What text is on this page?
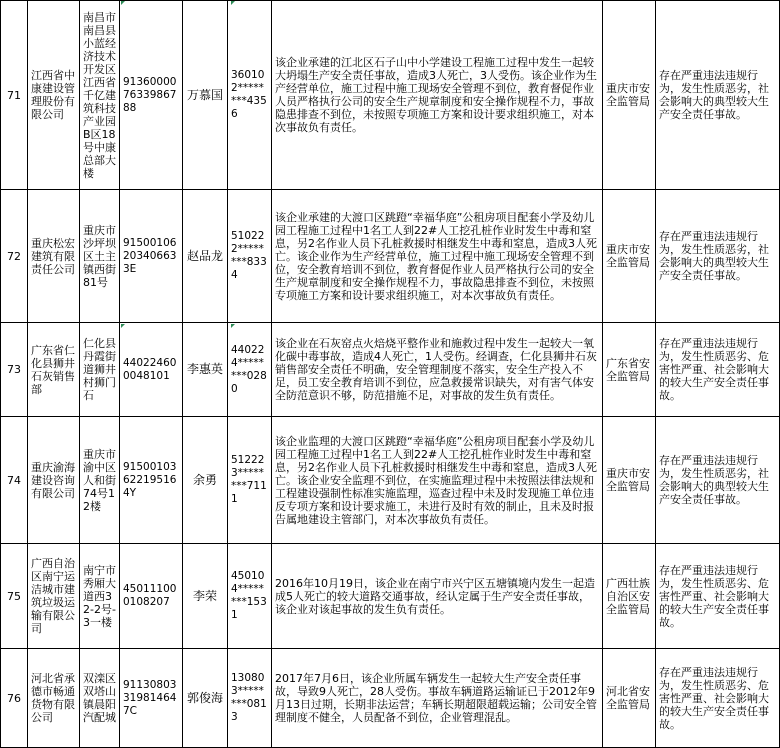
71	江西省中康建设管理股份有限公司	南昌市南昌县小蓝经济技术开发区江西省千亿建筑科技产业园B区18号中康总部大楼	913600007633986788	万慕国	360102********4356	该企业承建的江北区石子山中小学建设工程施工过程中发生一起较大坍塌生产安全责任事故，造成3人死亡，3人受伤。该企业作为生产经营单位，施工过程中施工现场安全管理不到位，教育督促作业人员严格执行公司的安全生产规章制度和安全操作规程不力，事故隐患排查不到位，未按照专项施工方案和设计要求组织施工，对本次事故负有责任。	重庆市安全监管局	存在严重违法违规行为，发生性质恶劣，社会影响大的典型较大生产安全责任事故。
72	重庆松宏建筑有限责任公司	重庆市沙坪坝区土主镇西街81号	91500106203406633E	赵品龙	510222********8334	该企业承建的大渡口区跳蹬“幸福华庭”公租房项目配套小学及幼儿园工程施工过程中1名工人到22#人工挖孔桩作业时发生中毒和窒息，另2名作业人员下孔桩救援时相继发生中毒和窒息，造成3人死亡。该企业作为生产经营单位，施工过程中施工现场安全管理不到位，安全教育培训不到位，教育督促作业人员严格执行公司的安全生产规章制度和安全操作规程不力，事故隐患排查不到位，未按照专项施工方案和设计要求组织施工，对本次事故负有责任。	重庆市安全监管局	存在严重违法违规行为，发生性质恶劣，社会影响大的典型较大生产安全责任事故。
73	广东省仁化县狮井石灰销售部	仁化县丹霞街道狮井村狮门石	440224600048101	李惠英	440224********0280	该企业在石灰窑点火焙烧平整作业和施救过程中发生一起较大一氧化碳中毒事故，造成4人死亡，1人受伤。经调查，仁化县狮井石灰销售部安全责任不明确，安全管理制度不落实，安全生产投入不足，员工安全教育培训不到位，应急救援常识缺失，对有害气体安全防范意识不够，防范措施不足，对事故的发生负有责任。	广东省安全监管局	存在严重违法违规行为，发生性质恶劣、危害性严重、社会影响大的较大生产安全责任事故。
74	重庆渝海建设咨询有限公司	重庆市渝中区人和街74号12楼	91500103622195164Y	余勇	512223********7111	该企业监理的大渡口区跳蹬“幸福华庭”公租房项目配套小学及幼儿园工程施工过程中1名工人到22#人工挖孔桩作业时发生中毒和窒息，另2名作业人员下孔桩救援时相继发生中毒和窒息，造成3人死亡。该企业安全监理不到位，在实施监理过程中未按照法律法规和工程建设强制性标准实施监理，巡查过程中未及时发现施工单位违反专项方案和设计要求施工，未进行及时有效的制止，且未及时报告属地建设主管部门，对本次事故负有责任。	重庆市安全监管局	存在严重违法违规行为，发生性质恶劣，社会影响大的典型较大生产安全责任事故。
75	广西自治区南宁运洁城市建筑垃圾运输有限公司	南宁市秀厢大道西32-2号-3一楼	450111000108207	李荣	450104********1531	2016年10月19日，该企业在南宁市兴宁区五塘镇境内发生一起造成5人死亡的较大道路交通事故，经认定属于生产安全责任事故，该企业对该起事故的发生负有责任。	广西壮族自治区安全监管局	存在严重违法违规行为，发生性质恶劣、危害性严重、社会影响大的较大生产安全责任事故。
76	河北省承德市畅通货物有限公司	双滦区双塔山镇晨阳汽配城	91130803319814647C	郭俊海	130803********0813	2017年7月6日，该企业所属车辆发生一起较大生产安全责任事故，导致9人死亡，28人受伤。事故车辆道路运输证已于2012年9月13日过期，长期非法运营；车辆长期超限超载运输；公司安全管理制度不健全，人员配备不到位，企业管理混乱。	河北省安全监管局	存在严重违法违规行为，发生性质恶劣、危害性严重、社会影响大的较大生产安全责任事故。
